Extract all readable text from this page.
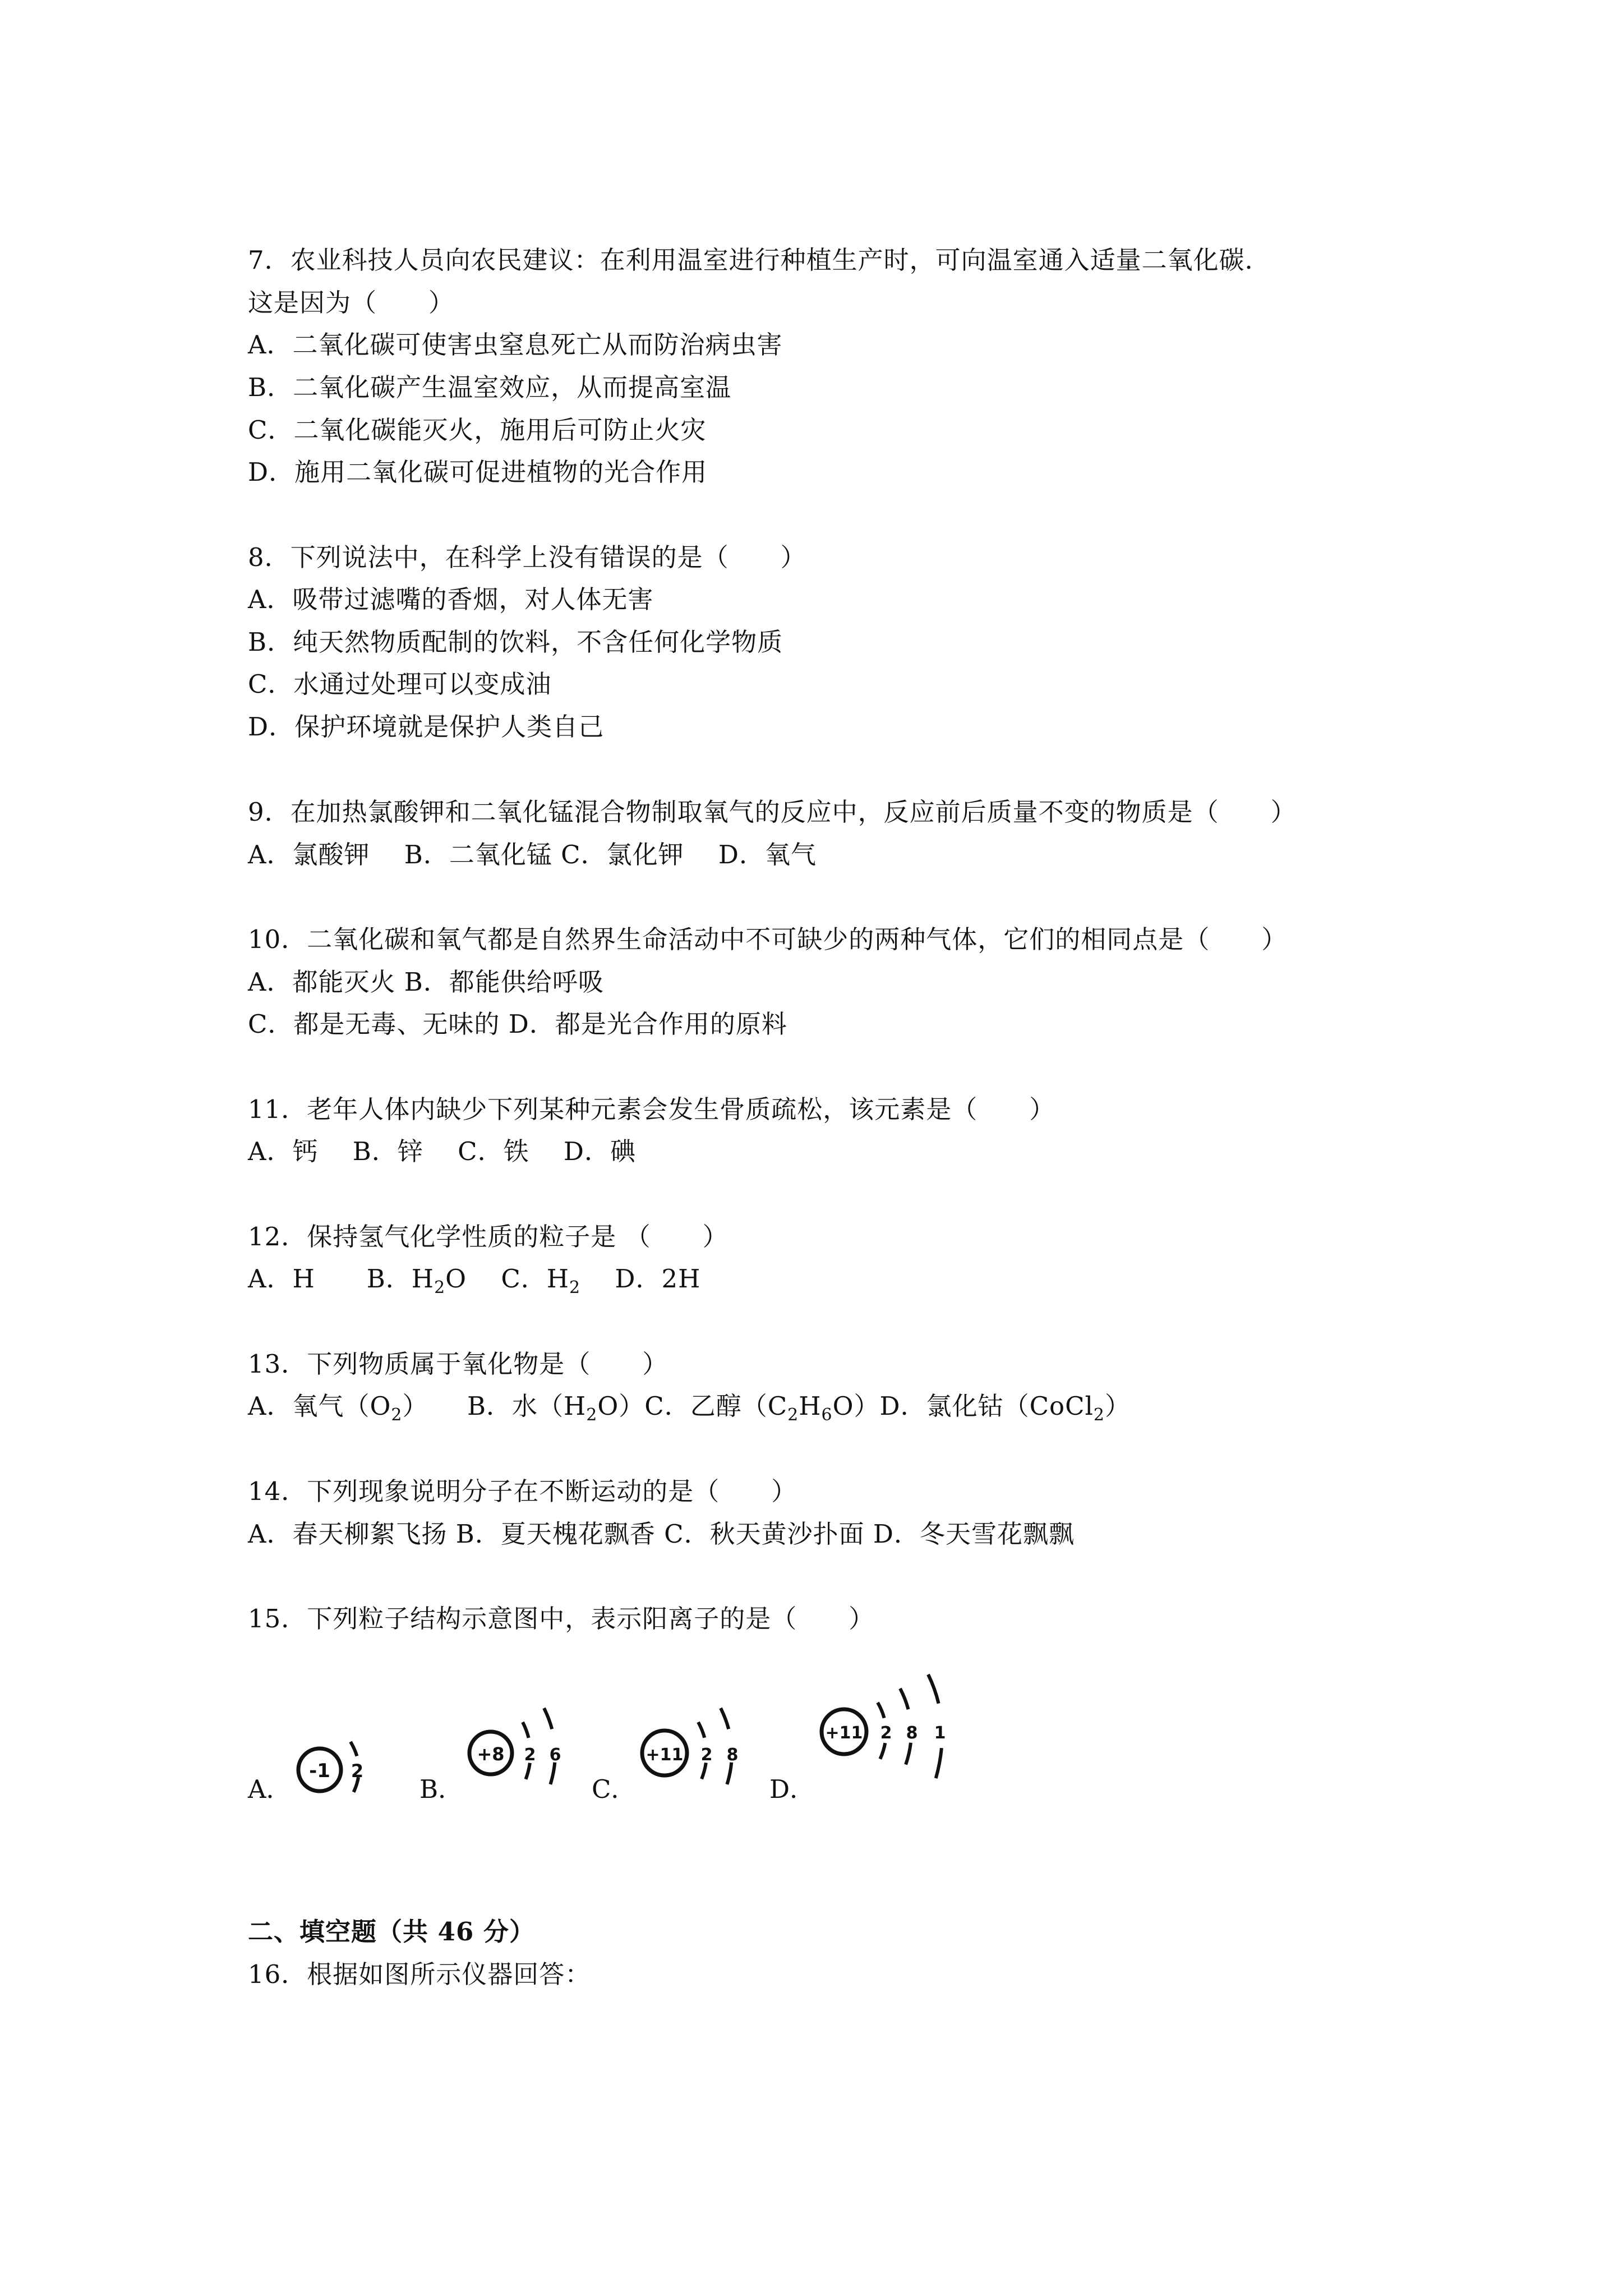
7．农业科技人员向农民建议：在利用温室进行种植生产时，可向温室通入适量二氧化碳．
这是因为（　　）
A．二氧化碳可使害虫窒息死亡从而防治病虫害
B．二氧化碳产生温室效应，从而提高室温
C．二氧化碳能灭火，施用后可防止火灾
D．施用二氧化碳可促进植物的光合作用
8．下列说法中，在科学上没有错误的是（　　）
A．吸带过滤嘴的香烟，对人体无害
B．纯天然物质配制的饮料，不含任何化学物质
C．水通过处理可以变成油
D．保护环境就是保护人类自己
9．在加热氯酸钾和二氧化锰混合物制取氧气的反应中，反应前后质量不变的物质是（　　）
A．氯酸钾　 B．二氧化锰 C．氯化钾　 D．氧气
10．二氧化碳和氧气都是自然界生命活动中不可缺少的两种气体，它们的相同点是（　　）
A．都能灭火 B．都能供给呼吸
C．都是无毒、无味的 D．都是光合作用的原料
11．老年人体内缺少下列某种元素会发生骨质疏松，该元素是（　　）
A．钙　 B．锌　 C．铁　 D．碘
12．保持氢气化学性质的粒子是 （　　）
A．H　　B．$H_2O$　 C．$H_2$　 D．2H
13．下列物质属于氧化物是（　　）
A．氧气$(O_2)$　　B．水$(H_2O)C$．乙醇$(C_2H_6O)D$．氯化钴（CoCl$_2$）
14．下列现象说明分子在不断运动的是（　　）
A．春天柳絮飞扬 B．夏天槐花飘香 C．秋天黄沙扑面 D．冬天雪花飘飘
15．下列粒子结构示意图中，表示阳离子的是（　　）
A．	B．	C．	D．
-1 2
+8 2 6	+11 2 8
+11 2 8 1
二、填空题（共 46 分）
16．根据如图所示仪器回答：
